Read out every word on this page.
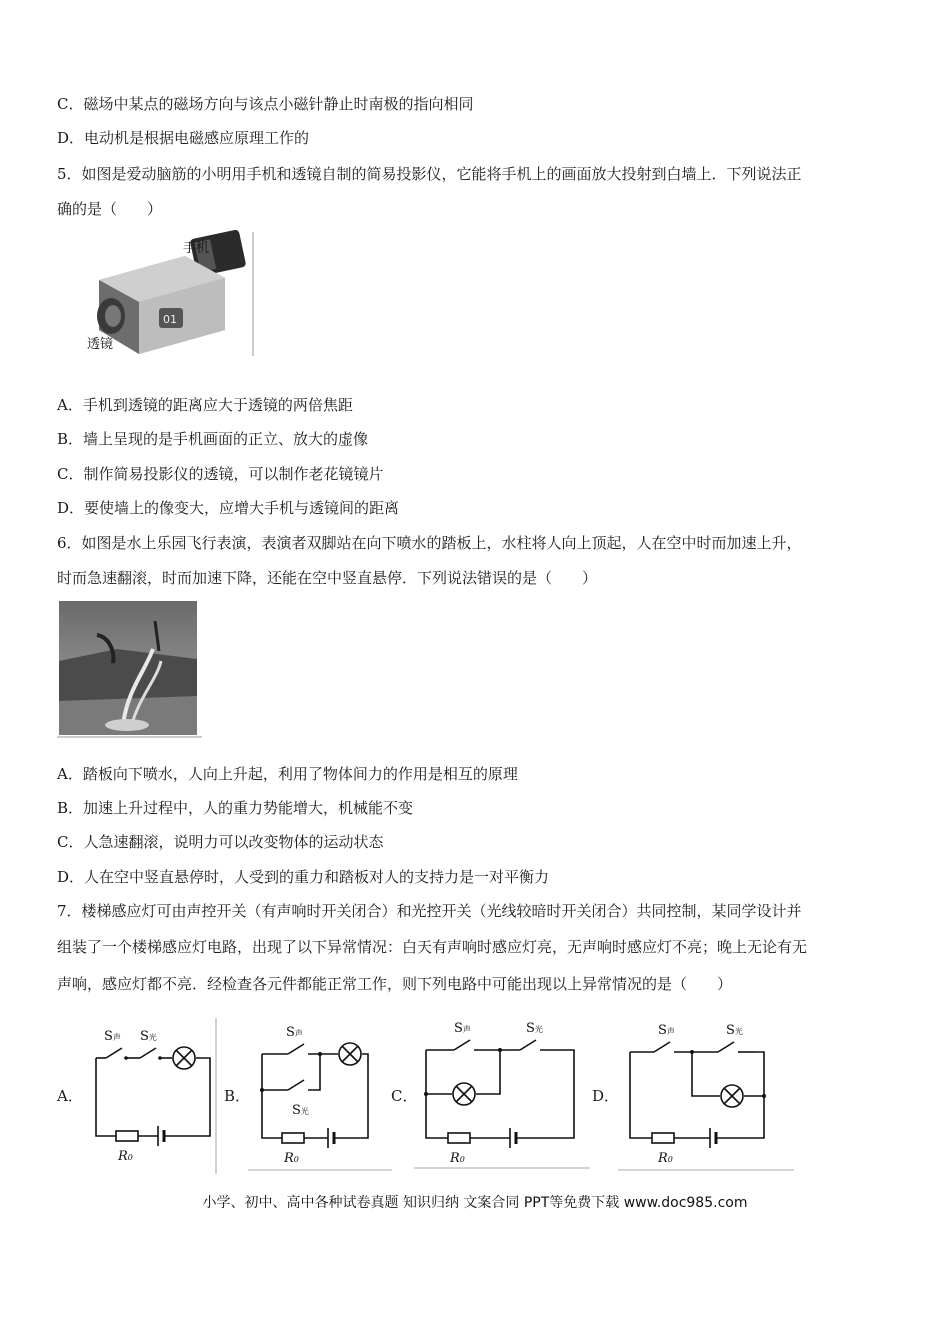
C．磁场中某点的磁场方向与该点小磁针静止时南极的指向相同
D．电动机是根据电磁感应原理工作的
5．如图是爱动脑筋的小明用手机和透镜自制的简易投影仪，它能将手机上的画面放大投射到白墙上．下列说法正
确的是（　　）
01
手机
透镜
A．手机到透镜的距离应大于透镜的两倍焦距
B．墙上呈现的是手机画面的正立、放大的虚像
C．制作简易投影仪的透镜，可以制作老花镜镜片
D．要使墙上的像变大，应增大手机与透镜间的距离
6．如图是水上乐园飞行表演，表演者双脚站在向下喷水的踏板上，水柱将人向上顶起，人在空中时而加速上升，
时而急速翻滚，时而加速下降，还能在空中竖直悬停．下列说法错误的是（　　）
A．踏板向下喷水，人向上升起，利用了物体间力的作用是相互的原理
B．加速上升过程中，人的重力势能增大，机械能不变
C．人急速翻滚，说明力可以改变物体的运动状态
D．人在空中竖直悬停时，人受到的重力和踏板对人的支持力是一对平衡力
7．楼梯感应灯可由声控开关（有声响时开关闭合）和光控开关（光线较暗时开关闭合）共同控制，某同学设计并
组装了一个楼梯感应灯电路，出现了以下异常情况：白天有声响时感应灯亮，无声响时感应灯不亮；晚上无论有无
声响，感应灯都不亮．经检查各元件都能正常工作，则下列电路中可能出现以上异常情况的是（　　）
A．	B．	C．	D．
S声 S光
R0
S声
S光
R0
S声	S光
R0
S声	S光
R0
小学、初中、高中各种试卷真题 知识归纳 文案合同 PPT等免费下载 www.doc985.com
